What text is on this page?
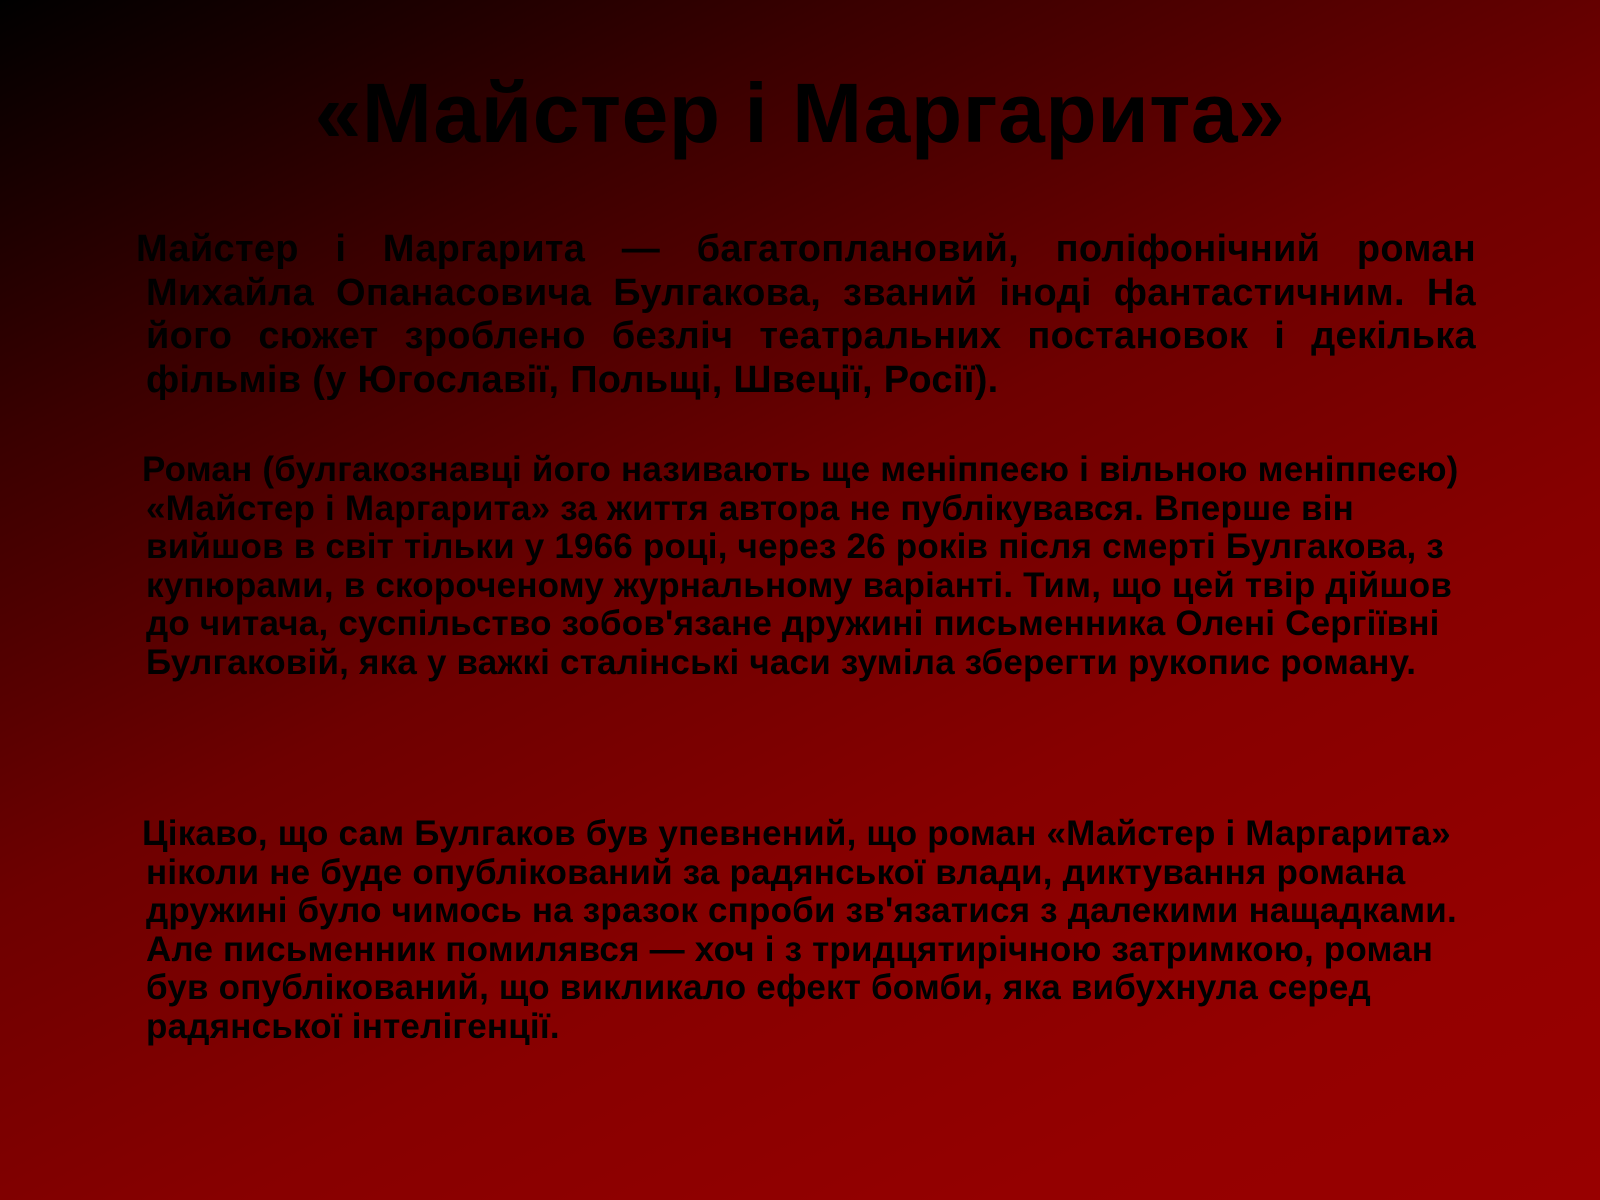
«Майстер і Маргарита»

Майстер і Маргарита — багатоплановий, поліфонічний роман Михайла Опанасовича Булгакова, званий іноді фантастичним. На його сюжет зроблено безліч театральних постановок і декілька фільмів (у Югославії, Польщі, Швеції, Росії).

Роман (булгакознавці його називають ще меніппеєю і вільною меніппеєю) «Майстер і Маргарита» за життя автора не публікувався. Вперше він вийшов в світ тільки у 1966 році, через 26 років після смерті Булгакова, з купюрами, в скороченому журнальному варіанті. Тим, що цей твір дійшов до читача, суспільство зобов'язане дружині письменника Олені Сергіївні Булгаковій, яка у важкі сталінські часи зуміла зберегти рукопис роману.

Цікаво, що сам Булгаков був упевнений, що роман «Майстер і Маргарита» ніколи не буде опублікований за радянської влади, диктування романа дружині було чимось на зразок спроби зв'язатися з далекими нащадками. Але письменник помилявся — хоч і з тридцятирічною затримкою, роман був опублікований, що викликало ефект бомби, яка вибухнула серед радянської інтелігенції.
